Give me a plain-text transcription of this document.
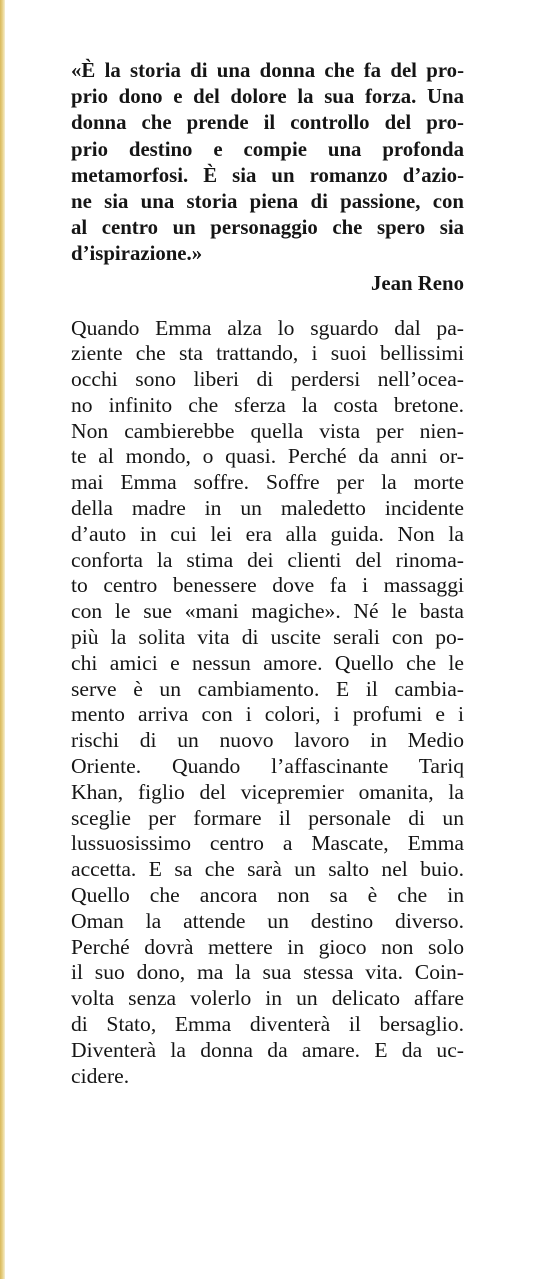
«È la storia di una donna che fa del pro-
prio dono e del dolore la sua forza. Una
donna che prende il controllo del pro-
prio destino e compie una profonda
metamorfosi. È sia un romanzo d’azio-
ne sia una storia piena di passione, con
al centro un personaggio che spero sia
d’ispirazione.»
Jean Reno
Quando Emma alza lo sguardo dal pa-
ziente che sta trattando, i suoi bellissimi
occhi sono liberi di perdersi nell’ocea-
no infinito che sferza la costa bretone.
Non cambierebbe quella vista per nien-
te al mondo, o quasi. Perché da anni or-
mai Emma soffre. Soffre per la morte
della madre in un maledetto incidente
d’auto in cui lei era alla guida. Non la
conforta la stima dei clienti del rinoma-
to centro benessere dove fa i massaggi
con le sue «mani magiche». Né le basta
più la solita vita di uscite serali con po-
chi amici e nessun amore. Quello che le
serve è un cambiamento. E il cambia-
mento arriva con i colori, i profumi e i
rischi di un nuovo lavoro in Medio
Oriente. Quando l’affascinante Tariq
Khan, figlio del vicepremier omanita, la
sceglie per formare il personale di un
lussuosissimo centro a Mascate, Emma
accetta. E sa che sarà un salto nel buio.
Quello che ancora non sa è che in
Oman la attende un destino diverso.
Perché dovrà mettere in gioco non solo
il suo dono, ma la sua stessa vita. Coin-
volta senza volerlo in un delicato affare
di Stato, Emma diventerà il bersaglio.
Diventerà la donna da amare. E da uc-
cidere.
